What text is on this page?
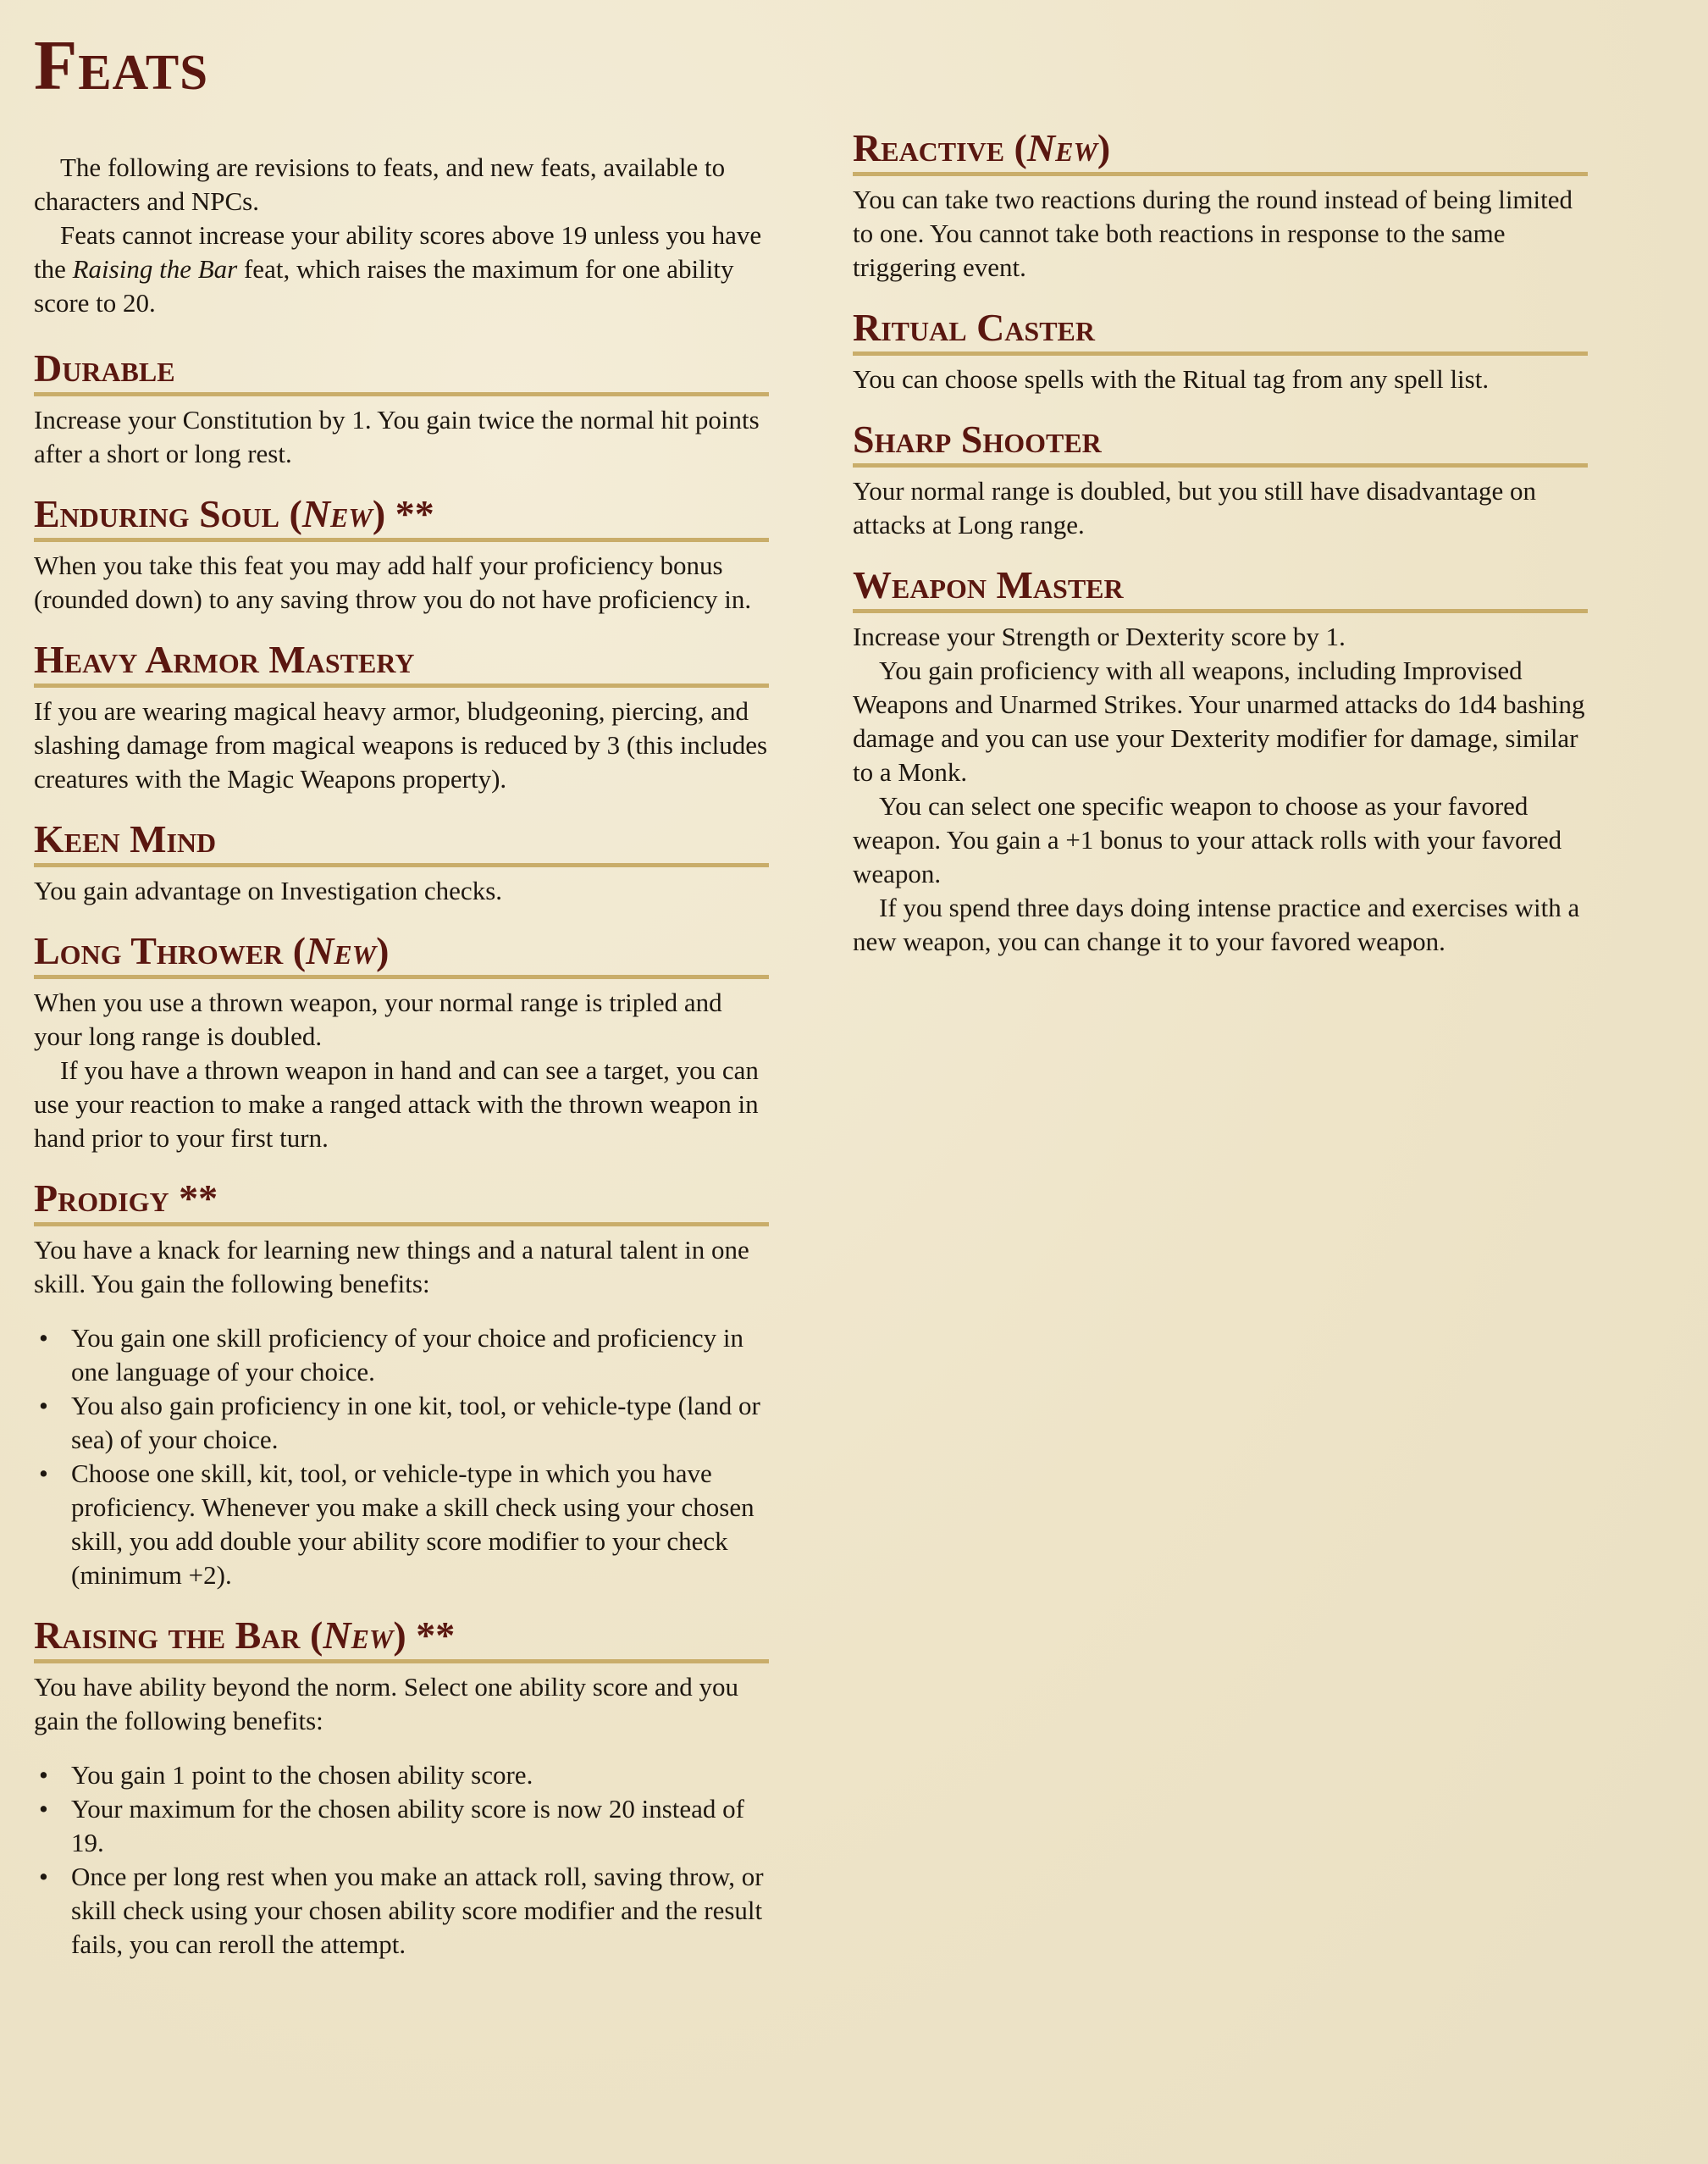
Feats

The following are revisions to feats, and new feats, available to characters and NPCs.

Feats cannot increase your ability scores above 19 unless you have the Raising the Bar feat, which raises the maximum for one ability score to 20.

Durable

Increase your Constitution by 1. You gain twice the normal hit points after a short or long rest.

Enduring Soul (New) **

When you take this feat you may add half your proficiency bonus (rounded down) to any saving throw you do not have proficiency in.

Heavy Armor Mastery

If you are wearing magical heavy armor, bludgeoning, piercing, and slashing damage from magical weapons is reduced by 3 (this includes creatures with the Magic Weapons property).

Keen Mind

You gain advantage on Investigation checks.

Long Thrower (New)

When you use a thrown weapon, your normal range is tripled and your long range is doubled.

If you have a thrown weapon in hand and can see a target, you can use your reaction to make a ranged attack with the thrown weapon in hand prior to your first turn.

Prodigy **

You have a knack for learning new things and a natural talent in one skill. You gain the following benefits:

• You gain one skill proficiency of your choice and proficiency in one language of your choice.
• You also gain proficiency in one kit, tool, or vehicle-type (land or sea) of your choice.
• Choose one skill, kit, tool, or vehicle-type in which you have proficiency. Whenever you make a skill check using your chosen skill, you add double your ability score modifier to your check (minimum +2).
Raising the Bar (New) **

You have ability beyond the norm. Select one ability score and you gain the following benefits:

• You gain 1 point to the chosen ability score.
• Your maximum for the chosen ability score is now 20 instead of 19.
• Once per long rest when you make an attack roll, saving throw, or skill check using your chosen ability score modifier and the result fails, you can reroll the attempt.
Reactive (New)

You can take two reactions during the round instead of being limited to one. You cannot take both reactions in response to the same triggering event.

Ritual Caster

You can choose spells with the Ritual tag from any spell list.

Sharp Shooter

Your normal range is doubled, but you still have disadvantage on attacks at Long range.

Weapon Master

Increase your Strength or Dexterity score by 1.

You gain proficiency with all weapons, including Improvised Weapons and Unarmed Strikes. Your unarmed attacks do 1d4 bashing damage and you can use your Dexterity modifier for damage, similar to a Monk.

You can select one specific weapon to choose as your favored weapon. You gain a +1 bonus to your attack rolls with your favored weapon.

If you spend three days doing intense practice and exercises with a new weapon, you can change it to your favored weapon.
